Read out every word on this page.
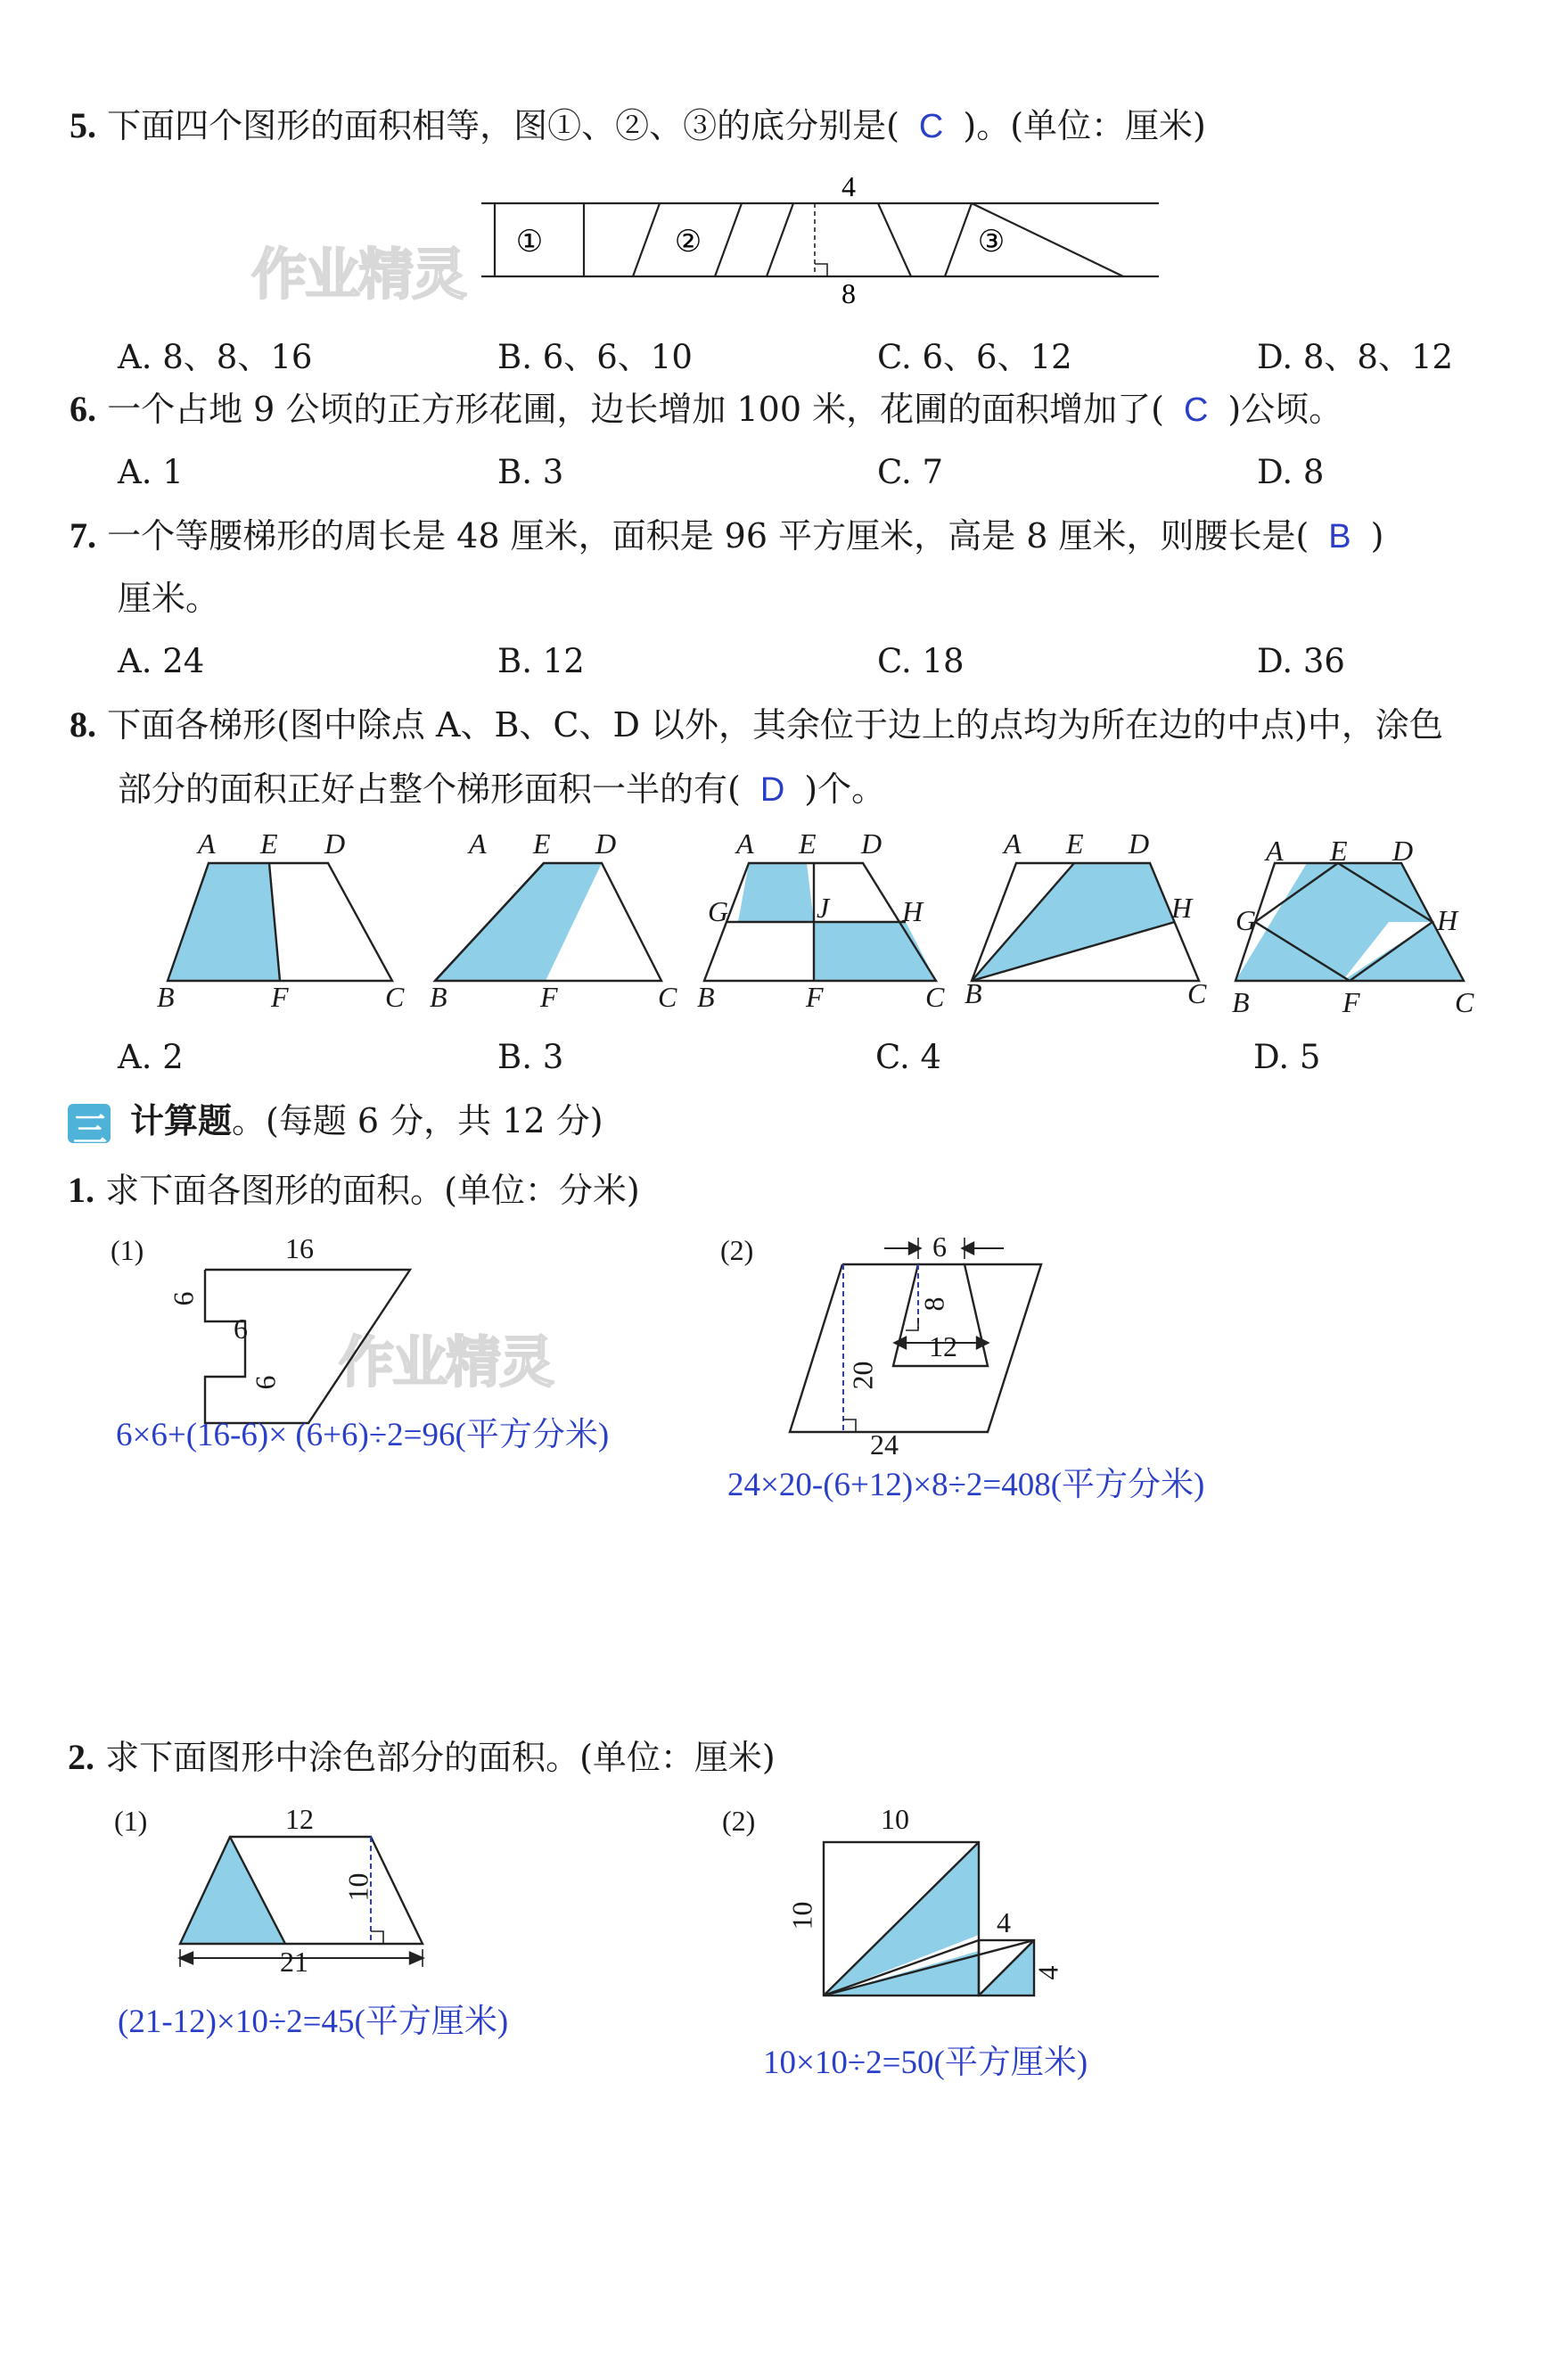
5. 下面四个图形的面积相等，图①、②、③的底分别是( C )。(单位：厘米)
作业精灵 ①	②	③
4
8
A. 8、8、16	B. 6、6、10	C. 6、6、12	D. 8、8、12
6. 一个占地 9 公顷的正方形花圃，边长增加 100 米，花圃的面积增加了( C )公顷。
A. 1	B. 3	C. 7	D. 8
7. 一个等腰梯形的周长是 48 厘米，面积是 96 平方厘米，高是 8 厘米，则腰长是( B )
厘米。
A. 24	B. 12	C. 18	D. 36
8. 下面各梯形(图中除点 A、B、C、D 以外，其余位于边上的点均为所在边的中点)中，涂色
部分的面积正好占整个梯形面积一半的有( D )个。
A E D
B	F	C
A E D
B	F	C
A E D
G	J	H
B	F	C
A E D
H
B	C
A E D
G	H
B	F	C
A. 2	B. 3	C. 4	D. 5
三 计算题。(每题 6 分，共 12 分)
1. 求下面各图形的面积。(单位：分米)
(1)
作业精灵
16
6
6
6
6×6+(16-6)× (6+6)÷2=96(平方分米)
(2)	6
8
12
20
24
24×20-(6+12)×8÷2=408(平方分米)
2. 求下面图形中涂色部分的面积。(单位：厘米)
(1)	12
10
21
(21-12)×10÷2=45(平方厘米)
(2)	10
10	4
4
10×10÷2=50(平方厘米)
